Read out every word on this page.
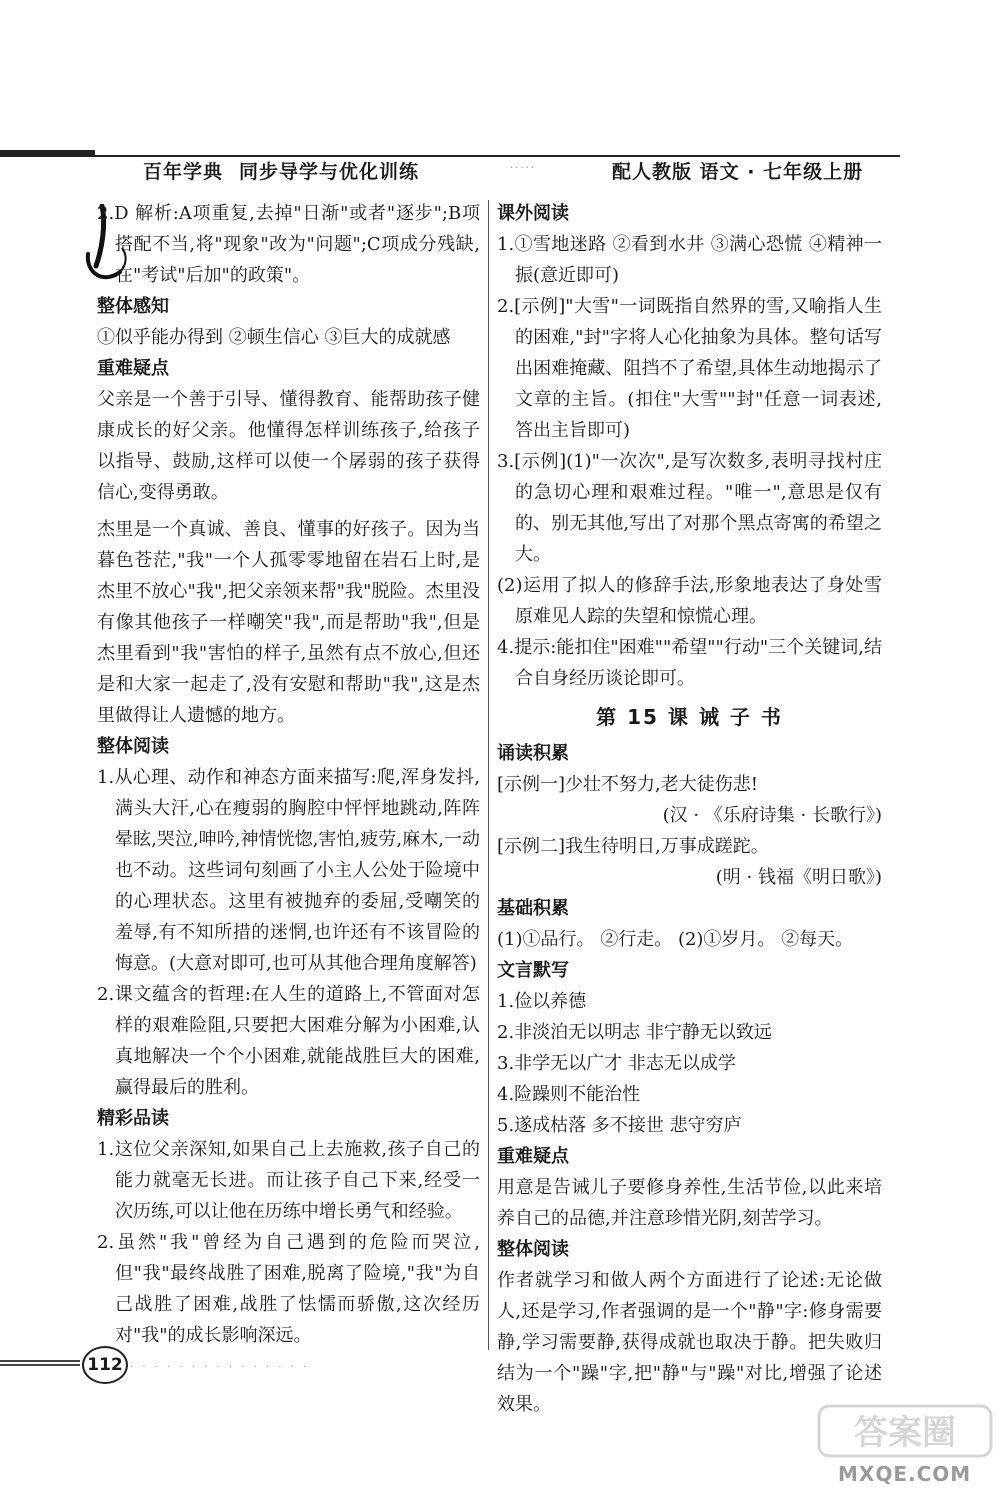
百年学典 同步导学与优化训练	·····	配人教版 语文 · 七年级上册

2.D 解析:A项重复,去掉"日渐"或者"逐步";B项搭配不当,将"现象"改为"问题";C项成分残缺,在"考试"后加"的政策"。

整体感知

①似乎能办得到 ②顿生信心 ③巨大的成就感

重难疑点

父亲是一个善于引导、懂得教育、能帮助孩子健康成长的好父亲。他懂得怎样训练孩子,给孩子以指导、鼓励,这样可以使一个孱弱的孩子获得信心,变得勇敢。

杰里是一个真诚、善良、懂事的好孩子。因为当暮色苍茫,"我"一个人孤零零地留在岩石上时,是杰里不放心"我",把父亲领来帮"我"脱险。杰里没有像其他孩子一样嘲笑"我",而是帮助"我",但是杰里看到"我"害怕的样子,虽然有点不放心,但还是和大家一起走了,没有安慰和帮助"我",这是杰里做得让人遗憾的地方。

整体阅读

1.从心理、动作和神态方面来描写:爬,浑身发抖,满头大汗,心在瘦弱的胸腔中怦怦地跳动,阵阵晕眩,哭泣,呻吟,神情恍惚,害怕,疲劳,麻木,一动也不动。这些词句刻画了小主人公处于险境中的心理状态。这里有被抛弃的委屈,受嘲笑的羞辱,有不知所措的迷惘,也许还有不该冒险的悔意。(大意对即可,也可从其他合理角度解答)

2.课文蕴含的哲理:在人生的道路上,不管面对怎样的艰难险阻,只要把大困难分解为小困难,认真地解决一个个小困难,就能战胜巨大的困难,赢得最后的胜利。

精彩品读

1.这位父亲深知,如果自己上去施救,孩子自己的能力就毫无长进。而让孩子自己下来,经受一次历练,可以让他在历练中增长勇气和经验。

2.虽然"我"曾经为自己遇到的危险而哭泣,但"我"最终战胜了困难,脱离了险境,"我"为自己战胜了困难,战胜了怯懦而骄傲,这次经历对"我"的成长影响深远。

课外阅读

1.①雪地迷路 ②看到水井 ③满心恐慌 ④精神一振(意近即可)

2.[示例]"大雪"一词既指自然界的雪,又喻指人生的困难,"封"字将人心化抽象为具体。整句话写出困难掩藏、阻挡不了希望,具体生动地揭示了文章的主旨。(扣住"大雪""封"任意一词表述,答出主旨即可)

3.[示例](1)"一次次",是写次数多,表明寻找村庄的急切心理和艰难过程。"唯一",意思是仅有的、别无其他,写出了对那个黑点寄寓的希望之大。

(2)运用了拟人的修辞手法,形象地表达了身处雪原难见人踪的失望和惊慌心理。

4.提示:能扣住"困难""希望""行动"三个关键词,结合自身经历谈论即可。

第 15 课 诫 子 书

诵读积累

[示例一]少壮不努力,老大徒伤悲!

(汉 · 《乐府诗集 · 长歌行》)

[示例二]我生待明日,万事成蹉跎。

(明 · 钱福《明日歌》)

基础积累

(1)①品行。 ②行走。 (2)①岁月。 ②每天。

文言默写

1.俭以养德

2.非淡泊无以明志 非宁静无以致远

3.非学无以广才 非志无以成学

4.险躁则不能治性

5.遂成枯落 多不接世 悲守穷庐

重难疑点

用意是告诫儿子要修身养性,生活节俭,以此来培养自己的品德,并注意珍惜光阴,刻苦学习。

整体阅读

作者就学习和做人两个方面进行了论述:无论做人,还是学习,作者强调的是一个"静"字:修身需要静,学习需要静,获得成就也取决于静。把失败归结为一个"躁"字,把"静"与"躁"对比,增强了论述效果。

112 · · · · · · · · · · · · · · ·
答案圈
MXQE.COM
